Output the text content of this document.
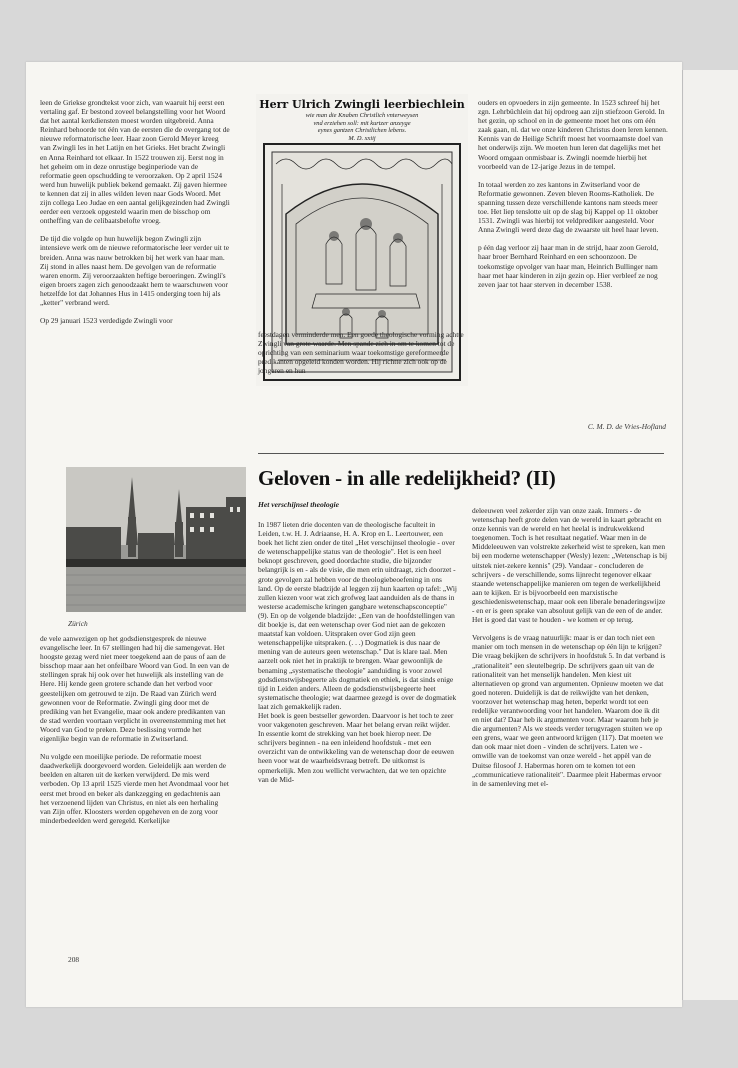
leen de Griekse grondtekst voor zich, van waaruit hij eerst een vertaling gaf. Er bestond zoveel belangstelling voor het Woord dat het aantal kerkdiensten moest worden uitgebreid. Anna Reinhard behoorde tot één van de eersten die de overgang tot de nieuwe reformatorische leer. Haar zoon Gerold Meyer kreeg van Zwingli les in het Latijn en het Grieks. Het bracht Zwingli en Anna Reinhard tot elkaar. In 1522 trouwen zij. Eerst nog in het geheim om in deze onrustige beginperiode van de reformatie geen opschudding te veroorzaken. Op 2 april 1524 werd hun huwelijk publiek bekend gemaakt. Zij gaven hiermee te kennen dat zij in alles wilden leven naar Gods Woord. Met zijn collega Leo Judae en een aantal gelijkgezinden had Zwingli eerder een verzoek opgesteld waarin men de bisschop om ontheffing van de celibaatsbelofte vroeg.

De tijd die volgde op hun huwelijk begon Zwingli zijn intensieve werk om de nieuwe reformatorische leer verder uit te breiden. Anna was nauw betrokken bij het werk van haar man. Zij stond in alles naast hem. De gevolgen van de reformatie waren enorm. Zij veroorzaakten heftige beroeringen. Zwingli's eigen broers zagen zich genoodzaakt hem te waarschuwen voor hetzelfde lot dat Johannes Hus in 1415 onderging toen hij als „ketter" verbrand werd.

Op 29 januari 1523 verdedigde Zwingli voor

Herr Ulrich Zwingli leerbiechlein
wie man die Knaben Christlich vnterweysen
vnd erziehen soll: mit kurtzer anzeyge
eynes gantzen Christlichen lebens.
M. D. xxiij

feestdagen verminderde men. Een goede theologische vorming achtte Zwingli van grote waarde. Men spande zich in om te komen tot de oprichting van een seminarium waar toekomstige gereformeerde predikanten opgeleid konden worden. Hij richtte zich ook op de jongeren en hun

ouders en opvoeders in zijn gemeente. In 1523 schreef hij het zgn. Lehrbüchlein dat hij opdroeg aan zijn stiefzoon Gerold. In het gezin, op school en in de gemeente moet het ons om één zaak gaan, nl. dat we onze kinderen Christus doen leren kennen. Kennis van de Heilige Schrift moest het voornaamste doel van het onderwijs zijn. We moeten hun leren dat dagelijks met het Woord omgaan onmisbaar is. Zwingli noemde hierbij het voorbeeld van de 12-jarige Jezus in de tempel.

In totaal werden zo zes kantons in Zwitserland voor de Reformatie gewonnen. Zeven bleven Rooms-Katholiek. De spanning tussen deze verschillende kantons nam steeds meer toe. Het liep tenslotte uit op de slag bij Kappel op 11 oktober 1531. Zwingli was hierbij tot veldprediker aangesteld. Voor Anna Zwingli werd deze dag de zwaarste uit heel haar leven.

p één dag verloor zij haar man in de strijd, haar zoon Gerold, haar broer Bernhard Reinhard en een schoonzoon. De toekomstige opvolger van haar man, Heinrich Bullinger nam haar met haar kinderen in zijn gezin op. Hier verbleef ze nog zeven jaar tot haar sterven in december 1538.

C. M. D. de Vries-Hofland
Geloven - in alle redelijkheid? (II)
Het verschijnsel theologie
Zürich

de vele aanwezigen op het godsdienstgesprek de nieuwe evangelische leer. In 67 stellingen had hij die samengevat. Het hoogste gezag werd niet meer toegekend aan de paus of aan de bisschop maar aan het onfeilbare Woord van God. In een van de stellingen sprak hij ook over het huwelijk als instelling van de Here. Hij kende geen grotere schande dan het verbod voor geestelijken om getrouwd te zijn. De Raad van Zürich werd gewonnen voor de Reformatie. Zwingli ging door met de prediking van het Evangelie, maar ook andere predikanten van de stad werden voortaan verplicht in overeenstemming met het Woord van God te preken. Deze beslissing vormde het eigenlijke begin van de reformatie in Zwitserland.

Nu volgde een moeilijke periode. De reformatie moest daadwerkelijk doorgevoerd worden. Geleidelijk aan werden de beelden en altaren uit de kerken verwijderd. De mis werd verboden. Op 13 april 1525 vierde men het Avondmaal voor het eerst met brood en beker als dankzegging en gedachtenis aan het verzoenend lijden van Christus, en niet als een herhaling van Zijn offer. Kloosters werden opgeheven en de zorg voor minderbedeelden werd geregeld. Kerkelijke

In 1987 lieten drie docenten van de theologische faculteit in Leiden, t.w. H. J. Adriaanse, H. A. Krop en L. Leertouwer, een boek het licht zien onder de titel „Het verschijnsel theologie - over de wetenschappelijke status van de theologie". Het is een heel beknopt geschreven, goed doordachte studie, die bijzonder belangrijk is en - als de visie, die men erin uitdraagt, zich doorzet - grote gevolgen zal hebben voor de theologiebeoefening in ons land. Op de eerste bladzijde al leggen zij hun kaarten op tafel: „Wij zullen kiezen voor wat zich grofweg laat aanduiden als de thans in westerse academische kringen gangbare wetenschapsconceptie" (9). En op de volgende bladzijde: „Een van de hoofdstellingen van dit boekje is, dat een wetenschap over God niet aan de gekozen maatstaf kan voldoen. Uitspraken over God zijn geen wetenschappelijke uitspraken. (. . .) Dogmatiek is dus naar de mening van de auteurs geen wetenschap." Dat is klare taal. Men aarzelt ook niet het in praktijk te brengen. Waar gewoonlijk de benaming „systematische theologie" aanduiding is voor zowel godsdienstwijsbegeerte als dogmatiek en ethiek, is dat sinds enige tijd in Leiden anders. Alleen de godsdienstwijsbegeerte heet systematische theologie; wat daarmee gezegd is over de dogmatiek laat zich gemakkelijk raden.

Het boek is geen bestseller geworden. Daarvoor is het toch te zeer voor vakgenoten geschreven. Maar het belang ervan reikt wijder. In essentie komt de strekking van het boek hierop neer. De schrijvers beginnen - na een inleidend hoofdstuk - met een overzicht van de ontwikkeling van de wetenschap door de eeuwen heen voor wat de waarheidsvraag betreft. De uitkomst is opmerkelijk. Men zou wellicht verwachten, dat we ten opzichte van de Mid-

deleeuwen veel zekerder zijn van onze zaak. Immers - de wetenschap heeft grote delen van de wereld in kaart gebracht en onze kennis van de wereld en het heelal is indrukwekkend toegenomen. Toch is het resultaat negatief. Waar men in de Middeleeuwen van volstrekte zekerheid wist te spreken, kan men bij een moderne wetenschapper (Wesly) lezen: „Wetenschap is bij uitstek niet-zekere kennis" (29). Vandaar - concluderen de schrijvers - de verschillende, soms lijnrecht tegenover elkaar staande wetenschappelijke manieren om tegen de werkelijkheid aan te kijken. Er is bijvoorbeeld een marxistische geschiedeniswetenschap, maar ook een liberale benaderingswijze - en er is geen sprake van absoluut gelijk van de een of de ander. Het is goed dat vast te houden - we komen er op terug.

Vervolgens is de vraag natuurlijk: maar is er dan toch niet een manier om toch mensen in de wetenschap op één lijn te krijgen? Die vraag bekijken de schrijvers in hoofdstuk 5. In dat verband is „rationaliteit" een sleutelbegrip. De schrijvers gaan uit van de rationaliteit van het menselijk handelen. Men kiest uit alternatieven op grond van argumenten. Opnieuw moeten we dat goed noteren. Duidelijk is dat de reikwijdte van het denken, voorzover het wetenschap mag heten, beperkt wordt tot een redelijke verantwoording voor het handelen. Waarom doe ik dit en niet dat? Daar heb ik argumenten voor. Maar waarom heb je die argumenten? Als we steeds verder terugvragen stuiten we op een grens, waar we geen antwoord krijgen (117). Dat moeten we dan ook maar niet doen - vinden de schrijvers. Laten we - omwille van de toekomst van onze wereld - het appèl van de Duitse filosoof J. Habermas horen om te komen tot een „communicatieve rationaliteit". Daarmee pleit Habermas ervoor in de samenleving met el-

208
